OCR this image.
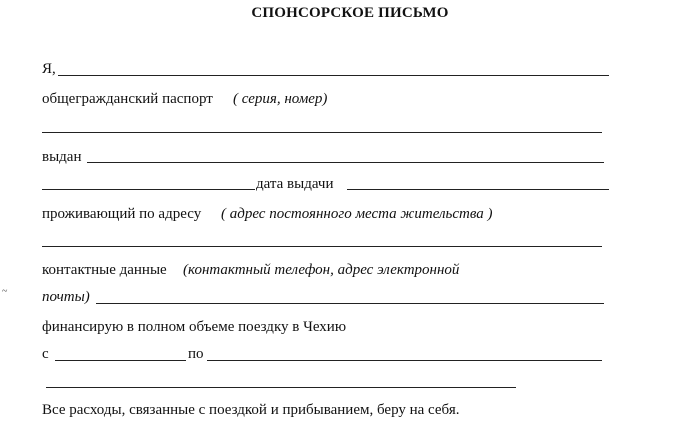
СПОНСОРСКОЕ ПИСЬМО
Я,
общегражданский паспорт ( серия, номер)
выдан
дата выдачи
проживающий по адресу ( адрес постоянного места жительства )
контактные данные (контактный телефон, адрес электронной
почты)
~
финансирую в полном объеме поездку в Чехию
с	по
Все расходы, связанные с поездкой и прибыванием, беру на себя.
